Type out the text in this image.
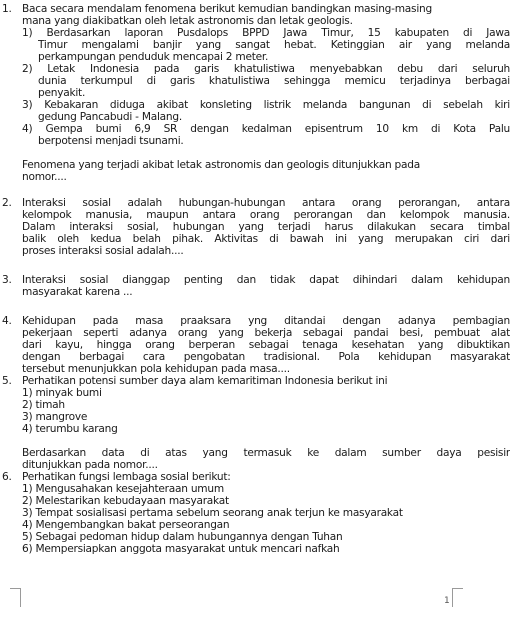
1. Baca secara mendalam fenomena berikut kemudian bandingkan masing-masing
mana yang diakibatkan oleh letak astronomis dan letak geologis.
1) Berdasarkan laporan Pusdalops BPPD Jawa Timur, 15 kabupaten di Jawa
Timur mengalami banjir yang sangat hebat. Ketinggian air yang melanda
perkampungan penduduk mencapai 2 meter.
2) Letak Indonesia pada garis khatulistiwa menyebabkan debu dari seluruh
dunia terkumpul di garis khatulistiwa sehingga memicu terjadinya berbagai
penyakit.
3) Kebakaran diduga akibat konsleting listrik melanda bangunan di sebelah kiri
gedung Pancabudi - Malang.
4) Gempa bumi 6,9 SR dengan kedalman episentrum 10 km di Kota Palu
berpotensi menjadi tsunami.
Fenomena yang terjadi akibat letak astronomis dan geologis ditunjukkan pada
nomor....
2. Interaksi sosial adalah hubungan-hubungan antara orang perorangan, antara
kelompok manusia, maupun antara orang perorangan dan kelompok manusia.
Dalam interaksi sosial, hubungan yang terjadi harus dilakukan secara timbal
balik oleh kedua belah pihak. Aktivitas di bawah ini yang merupakan ciri dari
proses interaksi sosial adalah....
3. Interaksi sosial dianggap penting dan tidak dapat dihindari dalam kehidupan
masyarakat karena ...
4. Kehidupan pada masa praaksara yng ditandai dengan adanya pembagian
pekerjaan seperti adanya orang yang bekerja sebagai pandai besi, pembuat alat
dari kayu, hingga orang berperan sebagai tenaga kesehatan yang dibuktikan
dengan berbagai cara pengobatan tradisional. Pola kehidupan masyarakat
tersebut menunjukkan pola kehidupan pada masa....
5. Perhatikan potensi sumber daya alam kemaritiman Indonesia berikut ini
1) minyak bumi
2) timah
3) mangrove
4) terumbu karang
Berdasarkan data di atas yang termasuk ke dalam sumber daya pesisir
ditunjukkan pada nomor....
6. Perhatikan fungsi lembaga sosial berikut:
1) Mengusahakan kesejahteraan umum
2) Melestarikan kebudayaan masyarakat
3) Tempat sosialisasi pertama sebelum seorang anak terjun ke masyarakat
4) Mengembangkan bakat perseorangan
5) Sebagai pedoman hidup dalam hubungannya dengan Tuhan
6) Mempersiapkan anggota masyarakat untuk mencari nafkah
1
